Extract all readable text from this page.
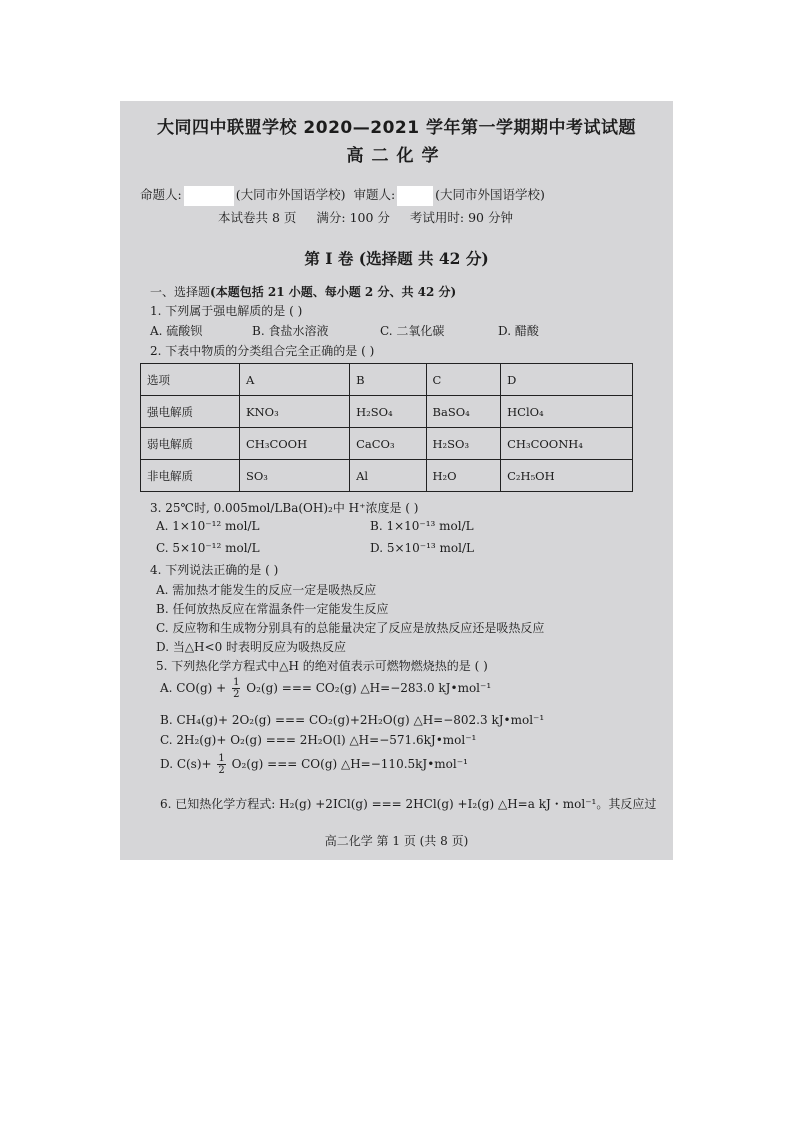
大同四中联盟学校 2020—2021 学年第一学期期中考试试题
高二化学
命题人:	(大同市外国语学校) 审题人:	(大同市外国语学校)
本试卷共 8 页 满分: 100 分 考试用时: 90 分钟
第 I 卷 (选择题 共 42 分)
一、选择题(本题包括 21 小题、每小题 2 分、共 42 分)
1. 下列属于强电解质的是 ( )
A. 硫酸钡	B. 食盐水溶液	C. 二氧化碳	D. 醋酸
2. 下表中物质的分类组合完全正确的是 ( )
选项	A	B	C	D
强电解质	KNO₃	H₂SO₄	BaSO₄	HClO₄
弱电解质	CH₃COOH	CaCO₃	H₂SO₃	CH₃COONH₄
非电解质	SO₃	Al	H₂O	C₂H₅OH
3. 25℃时, 0.005mol/LBa(OH)₂中 H⁺浓度是 ( )
A. 1×10⁻¹² mol/L	B. 1×10⁻¹³ mol/L
C. 5×10⁻¹² mol/L	D. 5×10⁻¹³ mol/L
4. 下列说法正确的是 ( )
A. 需加热才能发生的反应一定是吸热反应
B. 任何放热反应在常温条件一定能发生反应
C. 反应物和生成物分别具有的总能量决定了反应是放热反应还是吸热反应
D. 当△H<0 时表明反应为吸热反应
5. 下列热化学方程式中△H 的绝对值表示可燃物燃烧热的是 ( )
A. $CO(g) + \frac{1}{2} O_2(g)$ === CO₂(g) △H=−283.0 kJ•mol⁻¹
B. CH₄(g)+ 2O₂(g) === CO₂(g)+2H₂O(g) △H=−802.3 kJ•mol⁻¹
C. 2H₂(g)+ O₂(g) === 2H₂O(l) △H=−571.6kJ•mol⁻¹
D. $C(s)+ \frac{1}{2} O_2(g)$ === CO(g) △H=−110.5kJ•mol⁻¹
6. 已知热化学方程式: H₂(g) +2ICl(g) === 2HCl(g) +I₂(g) △H=a kJ・mol⁻¹。其反应过
高二化学 第 1 页 (共 8 页)
